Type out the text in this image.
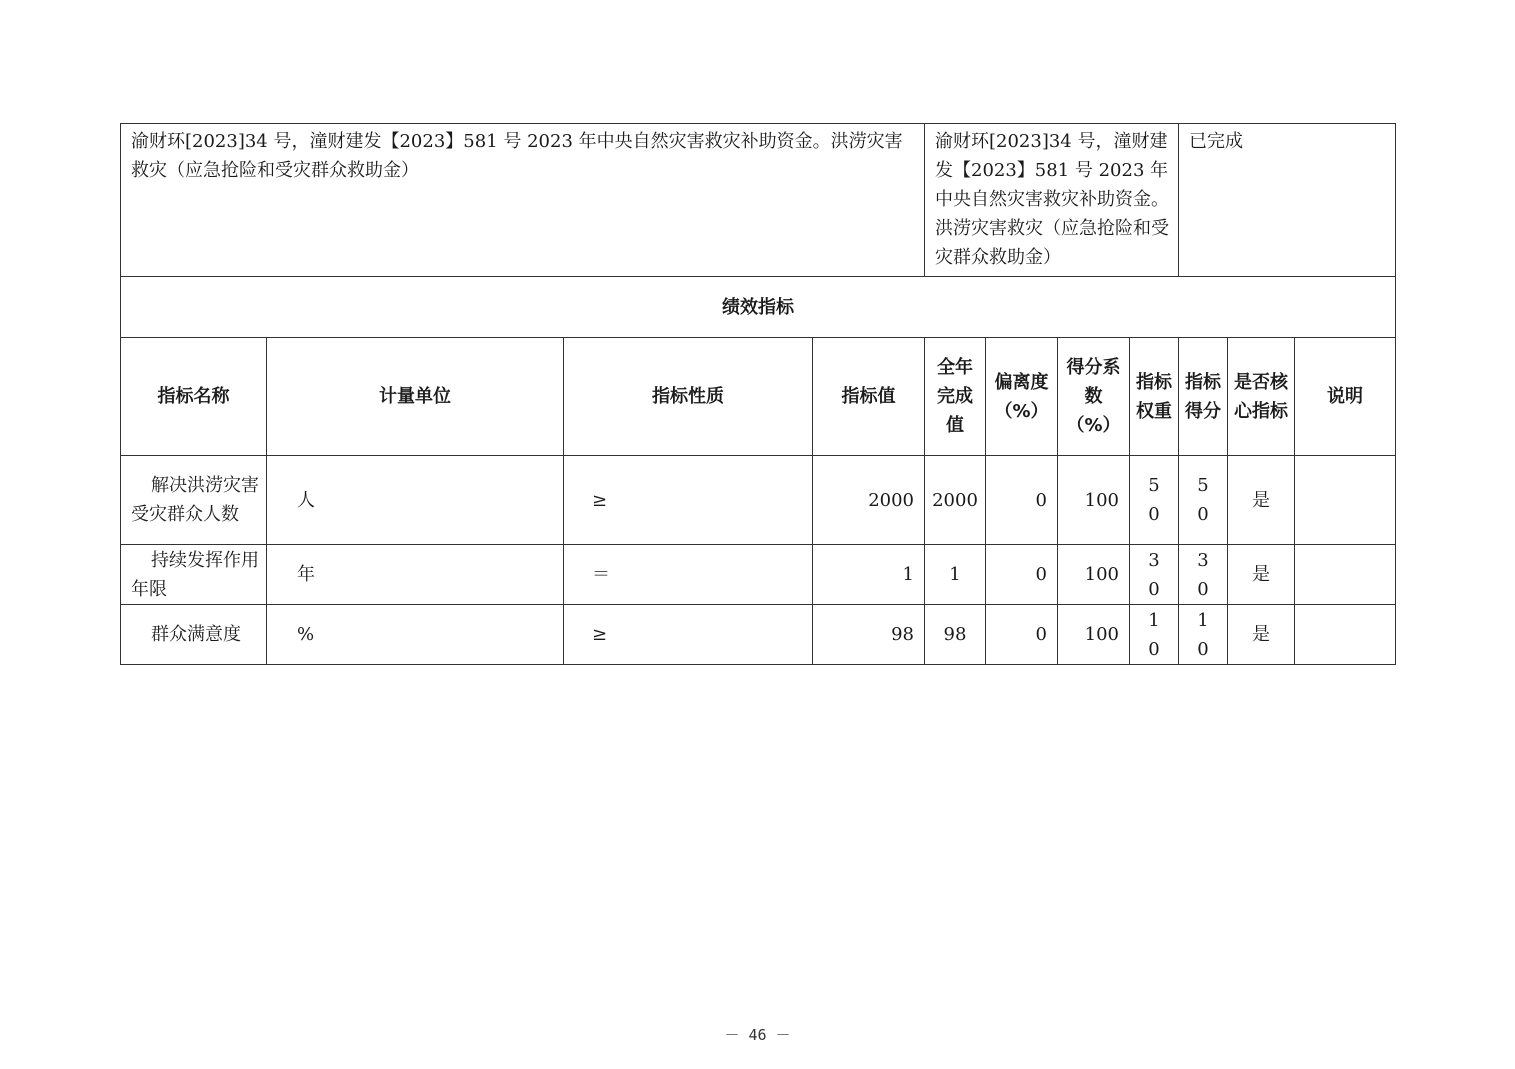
渝财环[2023]34 号，潼财建发【2023】581 号 2023 年中央自然灾害救灾补助资金。洪涝灾害救灾（应急抢险和受灾群众救助金）				渝财环[2023]34 号，潼财建发【2023】581 号 2023 年中央自然灾害救灾补助资金。洪涝灾害救灾（应急抢险和受灾群众救助金）				已完成		
绩效指标										
指标名称	计量单位	指标性质	指标值	全年完成值	偏离度（%）	得分系数（%）	指标权重	指标得分	是否核心指标	说明
解决洪涝灾害受灾群众人数	人	≥	2000	2000	0	100	50	50	是	
持续发挥作用年限	年	＝	1	1	0	100	30	30	是	
群众满意度	%	≥	98	98	0	100	10	10	是	
－ 46 －
